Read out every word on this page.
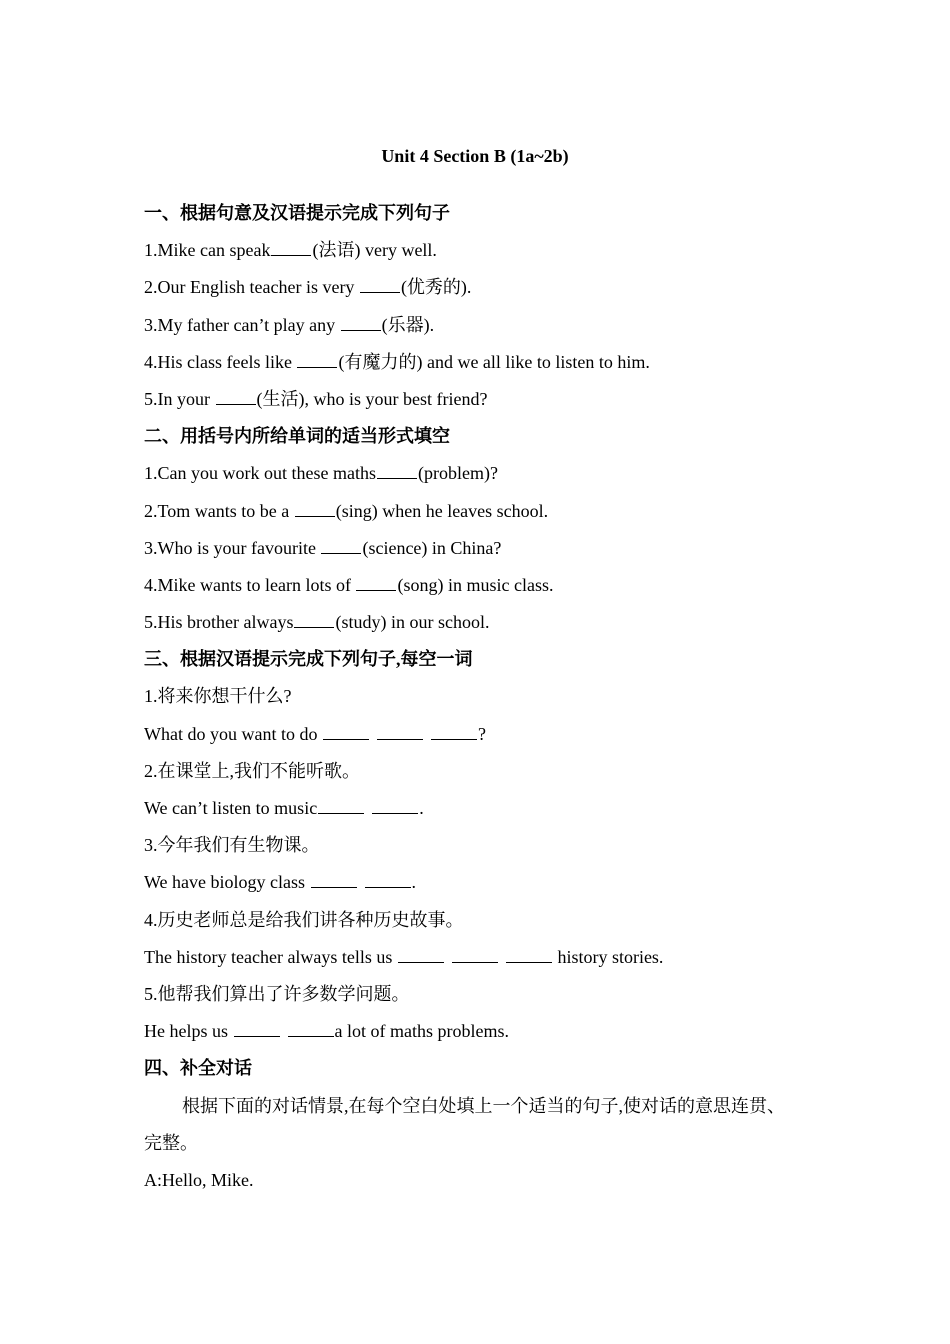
Unit 4 Section B (1a~2b)
一、根据句意及汉语提示完成下列句子
1.Mike can speak (法语) very well.
2.Our English teacher is very (优秀的).
3.My father can’t play any (乐器).
4.His class feels like (有魔力的) and we all like to listen to him.
5.In your (生活), who is your best friend?
二、用括号内所给单词的适当形式填空
1.Can you work out these maths (problem)?
2.Tom wants to be a (sing) when he leaves school.
3.Who is your favourite (science) in China?
4.Mike wants to learn lots of (song) in music class.
5.His brother always (study) in our school.
三、根据汉语提示完成下列句子,每空一词
1.将来你想干什么?
What do you want to do	?
2.在课堂上,我们不能听歌。
We can’t listen to music	.
3.今年我们有生物课。
We have biology class	.
4.历史老师总是给我们讲各种历史故事。
The history teacher always tells us	history stories.
5.他帮我们算出了许多数学问题。
He helps us	a lot of maths problems.
四、补全对话
根据下面的对话情景,在每个空白处填上一个适当的句子,使对话的意思连贯、
完整。
A:Hello, Mike.
